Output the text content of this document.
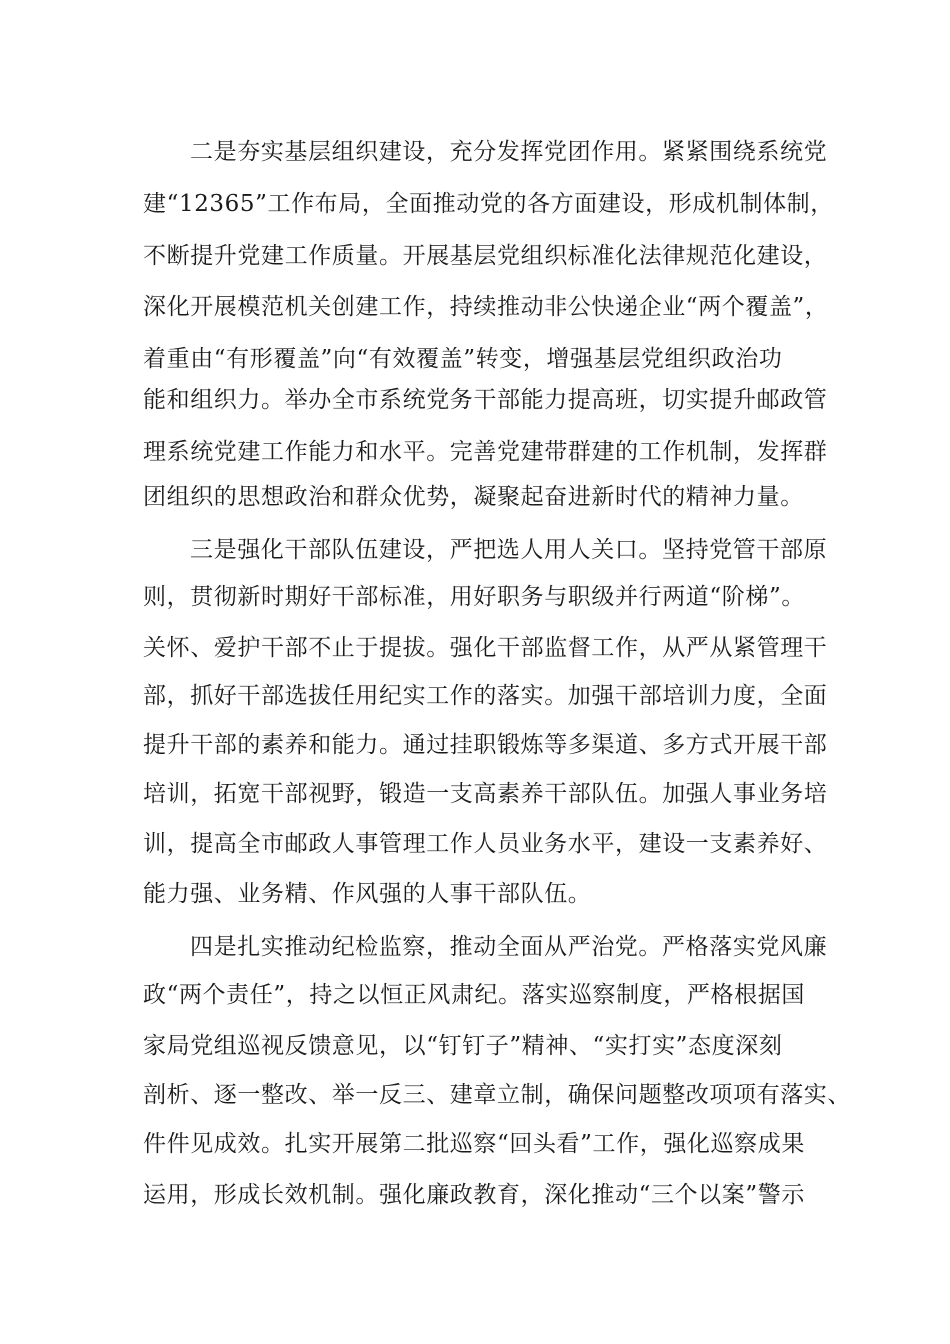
二是夯实基层组织建设，充分发挥党团作用。紧紧围绕系统党
建“12365”工作布局，全面推动党的各方面建设，形成机制体制，
不断提升党建工作质量。开展基层党组织标准化法律规范化建设，
深化开展模范机关创建工作，持续推动非公快递企业“两个覆盖”，
着重由“有形覆盖”向“有效覆盖”转变，增强基层党组织政治功
能和组织力。举办全市系统党务干部能力提高班，切实提升邮政管
理系统党建工作能力和水平。完善党建带群建的工作机制，发挥群
团组织的思想政治和群众优势，凝聚起奋进新时代的精神力量。
三是强化干部队伍建设，严把选人用人关口。坚持党管干部原
则，贯彻新时期好干部标准，用好职务与职级并行两道“阶梯”。
关怀、爱护干部不止于提拔。强化干部监督工作，从严从紧管理干
部，抓好干部选拔任用纪实工作的落实。加强干部培训力度，全面
提升干部的素养和能力。通过挂职锻炼等多渠道、多方式开展干部
培训，拓宽干部视野，锻造一支高素养干部队伍。加强人事业务培
训，提高全市邮政人事管理工作人员业务水平，建设一支素养好、
能力强、业务精、作风强的人事干部队伍。
四是扎实推动纪检监察，推动全面从严治党。严格落实党风廉
政“两个责任”，持之以恒正风肃纪。落实巡察制度，严格根据国
家局党组巡视反馈意见，以“钉钉子”精神、“实打实”态度深刻
剖析、逐一整改、举一反三、建章立制，确保问题整改项项有落实、
件件见成效。扎实开展第二批巡察“回头看”工作，强化巡察成果
运用，形成长效机制。强化廉政教育，深化推动“三个以案”警示
